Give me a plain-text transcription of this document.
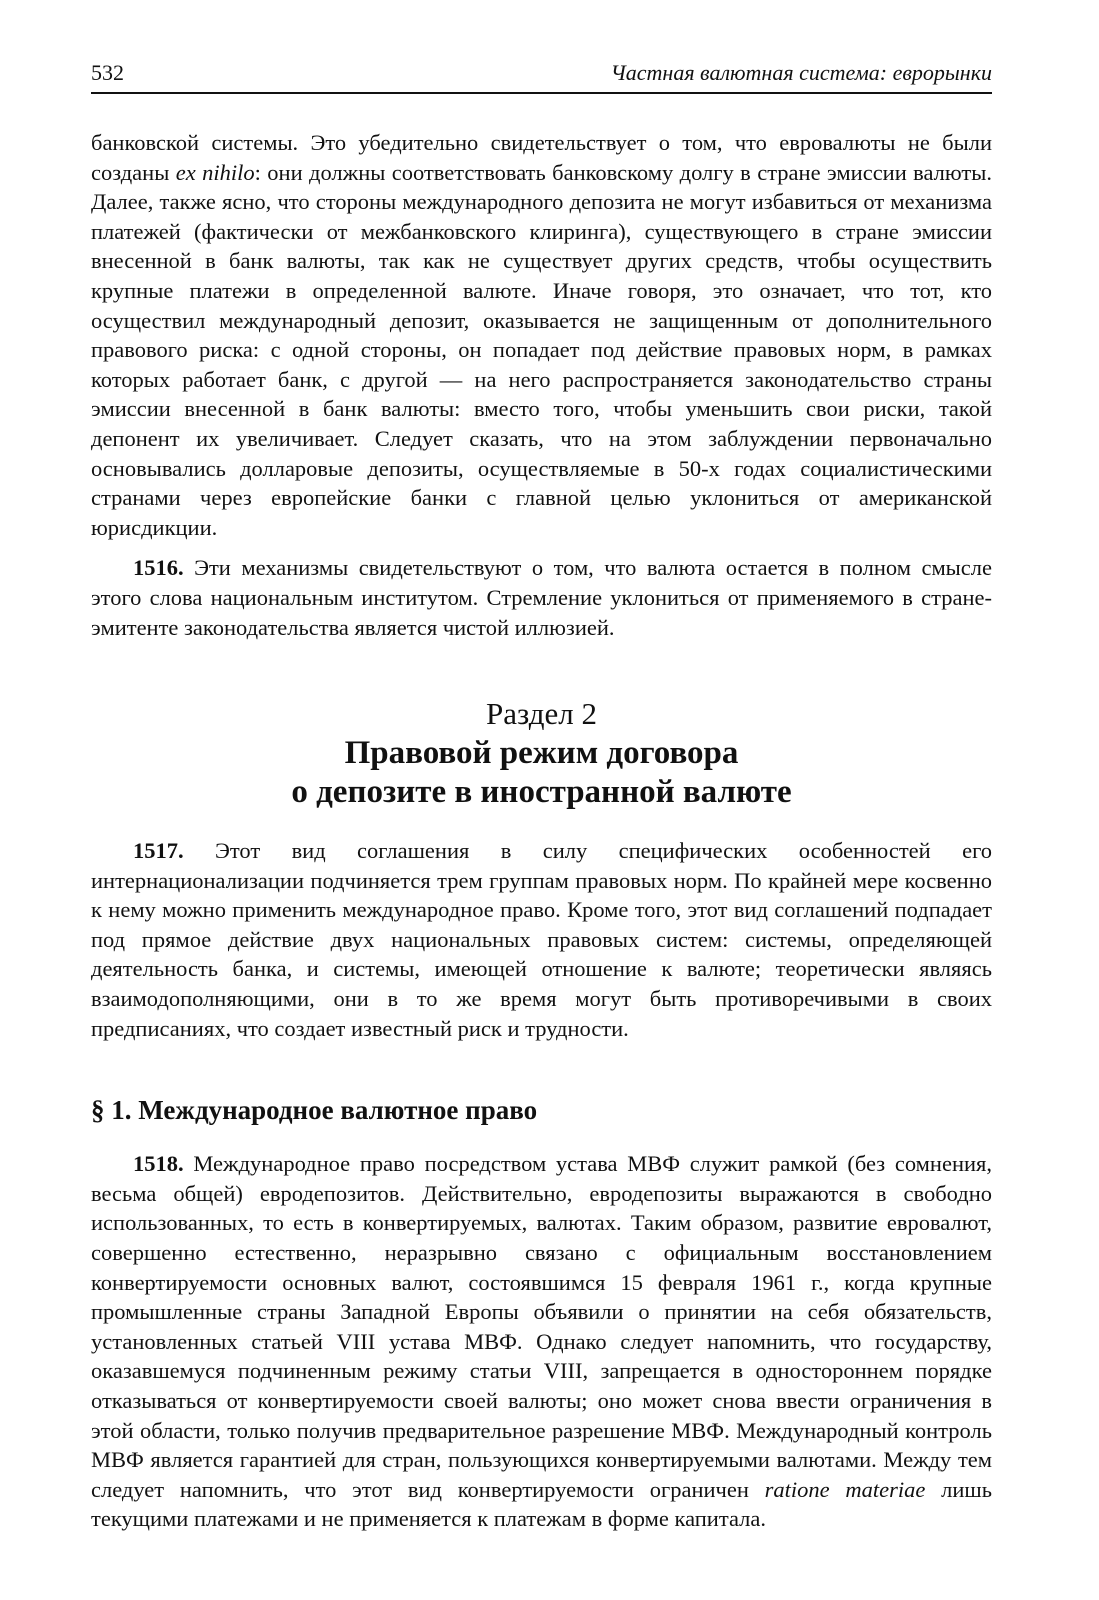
532	Частная валютная система: еврорынки

банковской системы. Это убедительно свидетельствует о том, что евровалюты не были созданы ex nihilo: они должны соответствовать банковскому долгу в стране эмиссии валюты. Далее, также ясно, что стороны международного депозита не могут избавиться от механизма платежей (фактически от межбанковского клиринга), существующего в стране эмиссии внесенной в банк валюты, так как не существует других средств, чтобы осуществить крупные платежи в определенной валюте. Иначе говоря, это означает, что тот, кто осуществил международный депозит, оказывается не защищенным от дополнительного правового риска: с одной стороны, он попадает под действие правовых норм, в рамках которых работает банк, с другой — на него распространяется законодательство страны эмиссии внесенной в банк валюты: вместо того, чтобы уменьшить свои риски, такой депонент их увеличивает. Следует сказать, что на этом заблуждении первоначально основывались долларовые депозиты, осуществляемые в 50-х годах социалистическими странами через европейские банки с главной целью уклониться от американской юрисдикции.

1516. Эти механизмы свидетельствуют о том, что валюта остается в полном смысле этого слова национальным институтом. Стремление уклониться от применяемого в стране-эмитенте законодательства является чистой иллюзией.

Раздел 2
Правовой режим договора
о депозите в иностранной валюте

1517. Этот вид соглашения в силу специфических особенностей его интернационализации подчиняется трем группам правовых норм. По крайней мере косвенно к нему можно применить международное право. Кроме того, этот вид соглашений подпадает под прямое действие двух национальных правовых систем: системы, определяющей деятельность банка, и системы, имеющей отношение к валюте; теоретически являясь взаимодополняющими, они в то же время могут быть противоречивыми в своих предписаниях, что создает известный риск и трудности.

§ 1. Международное валютное право

1518. Международное право посредством устава МВФ служит рамкой (без сомнения, весьма общей) евродепозитов. Действительно, евродепозиты выражаются в свободно использованных, то есть в конвертируемых, валютах. Таким образом, развитие евровалют, совершенно естественно, неразрывно связано с официальным восстановлением конвертируемости основных валют, состоявшимся 15 февраля 1961 г., когда крупные промышленные страны Западной Европы объявили о принятии на себя обязательств, установленных статьей VIII устава МВФ. Однако следует напомнить, что государству, оказавшемуся подчиненным режиму статьи VIII, запрещается в одностороннем порядке отказываться от конвертируемости своей валюты; оно может снова ввести ограничения в этой области, только получив предварительное разрешение МВФ. Международный контроль МВФ является гарантией для стран, пользующихся конвертируемыми валютами. Между тем следует напомнить, что этот вид конвертируемости ограничен ratione materiae лишь текущими платежами и не применяется к платежам в форме капитала.
